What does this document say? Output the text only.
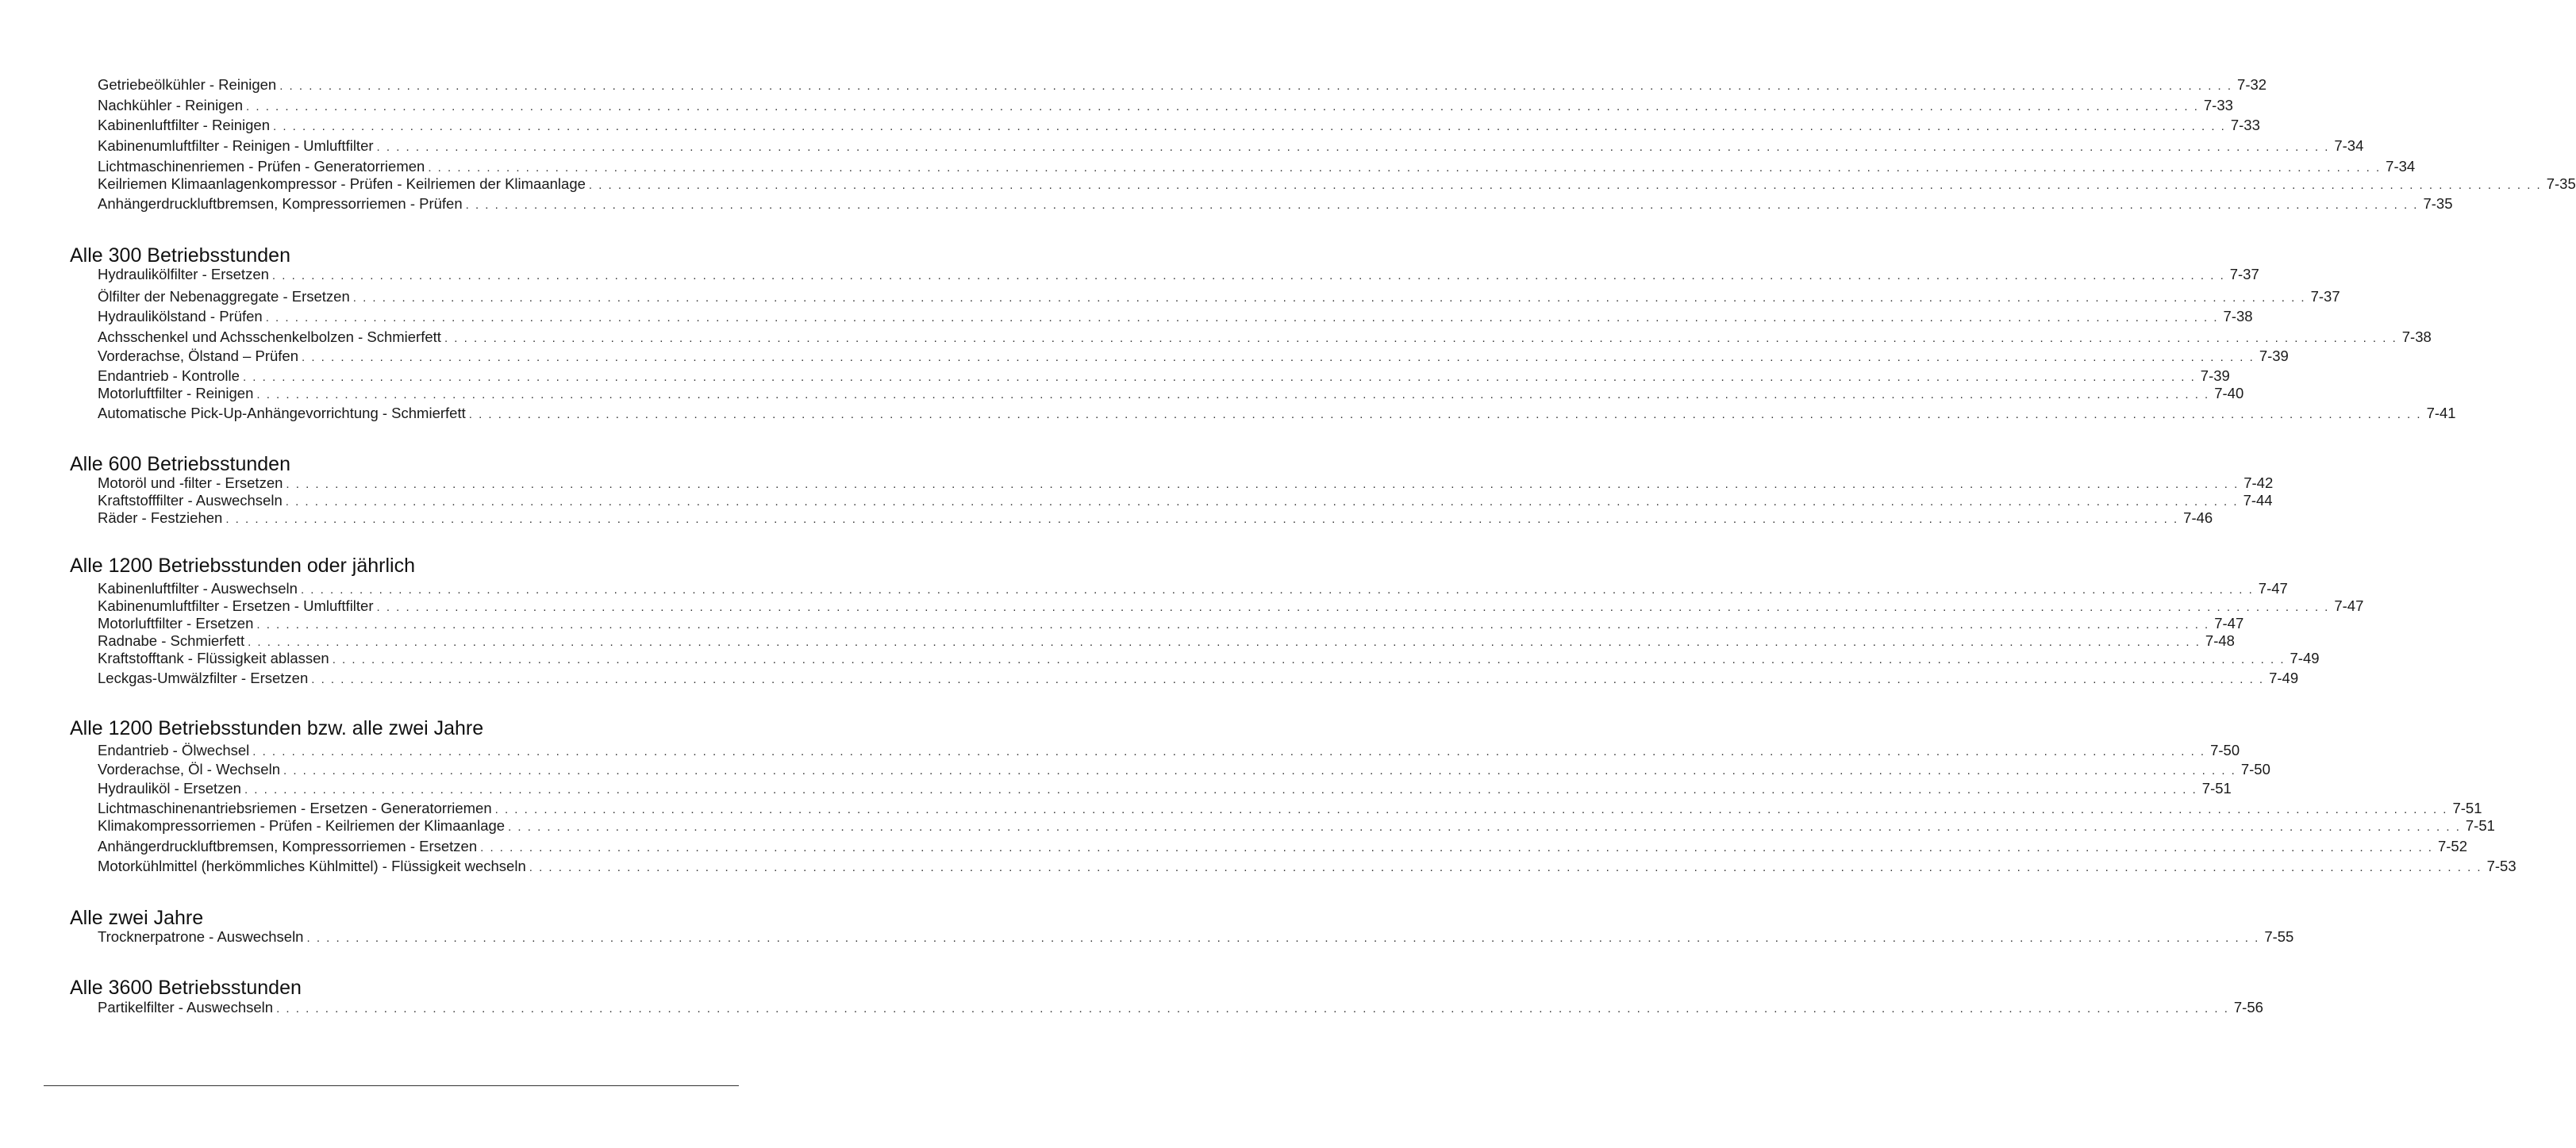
Getriebeölkühler - Reinigen . . . . . . . . . . . . . . . . . . . . . . . . . . . . . . . . . . . . . . . . . . . . . . . . . . . . . . . . . . . . . . . . . . . . . . . . . . . . . . . . . . . . . . . . . . . . . . . . . . . . . . . . . . . . . . . . . . . . . . . . . . . . . . . . . . . . . . . . . . . . . . . . . . . . . . . . . . . . . . . . . . . . . . . . . . . . . . . . . . . . . . . . . . . . . . . . . . . . . . . . 7-32
Nachkühler - Reinigen . . . . . . . . . . . . . . . . . . . . . . . . . . . . . . . . . . . . . . . . . . . . . . . . . . . . . . . . . . . . . . . . . . . . . . . . . . . . . . . . . . . . . . . . . . . . . . . . . . . . . . . . . . . . . . . . . . . . . . . . . . . . . . . . . . . . . . . . . . . . . . . . . . . . . . . . . . . . . . . . . . . . . . . . . . . . . . . . . . . . . . . . . . . . . . . . . . . . . . . . 7-33
Kabinenluftfilter - Reinigen . . . . . . . . . . . . . . . . . . . . . . . . . . . . . . . . . . . . . . . . . . . . . . . . . . . . . . . . . . . . . . . . . . . . . . . . . . . . . . . . . . . . . . . . . . . . . . . . . . . . . . . . . . . . . . . . . . . . . . . . . . . . . . . . . . . . . . . . . . . . . . . . . . . . . . . . . . . . . . . . . . . . . . . . . . . . . . . . . . . . . . . . . . . . . . . . . . . . . . . . 7-33
Kabinenumluftfilter - Reinigen - Umluftfilter . . . . . . . . . . . . . . . . . . . . . . . . . . . . . . . . . . . . . . . . . . . . . . . . . . . . . . . . . . . . . . . . . . . . . . . . . . . . . . . . . . . . . . . . . . . . . . . . . . . . . . . . . . . . . . . . . . . . . . . . . . . . . . . . . . . . . . . . . . . . . . . . . . . . . . . . . . . . . . . . . . . . . . . . . . . . . . . . . . . . . . . . . . . . . . . . . . . . . . . . 7-34
Lichtmaschinenriemen - Prüfen - Generatorriemen . . . . . . . . . . . . . . . . . . . . . . . . . . . . . . . . . . . . . . . . . . . . . . . . . . . . . . . . . . . . . . . . . . . . . . . . . . . . . . . . . . . . . . . . . . . . . . . . . . . . . . . . . . . . . . . . . . . . . . . . . . . . . . . . . . . . . . . . . . . . . . . . . . . . . . . . . . . . . . . . . . . . . . . . . . . . . . . . . . . . . . . . . . . . . . . . . . . . . . . . 7-34
Keilriemen Klimaanlagenkompressor - Prüfen - Keilriemen der Klimaanlage . . . . . . . . . . . . . . . . . . . . . . . . . . . . . . . . . . . . . . . . . . . . . . . . . . . . . . . . . . . . . . . . . . . . . . . . . . . . . . . . . . . . . . . . . . . . . . . . . . . . . . . . . . . . . . . . . . . . . . . . . . . . . . . . . . . . . . . . . . . . . . . . . . . . . . . . . . . . . . . . . . . . . . . . . . . . . . . . . . . . . . . . . . . . . . . . . . . . . . . . 7-35
Anhängerdruckluftbremsen, Kompressorriemen - Prüfen . . . . . . . . . . . . . . . . . . . . . . . . . . . . . . . . . . . . . . . . . . . . . . . . . . . . . . . . . . . . . . . . . . . . . . . . . . . . . . . . . . . . . . . . . . . . . . . . . . . . . . . . . . . . . . . . . . . . . . . . . . . . . . . . . . . . . . . . . . . . . . . . . . . . . . . . . . . . . . . . . . . . . . . . . . . . . . . . . . . . . . . . . . . . . . . . . . . . . . . . 7-35
Alle 300 Betriebsstunden
Hydraulikölfilter - Ersetzen . . . . . . . . . . . . . . . . . . . . . . . . . . . . . . . . . . . . . . . . . . . . . . . . . . . . . . . . . . . . . . . . . . . . . . . . . . . . . . . . . . . . . . . . . . . . . . . . . . . . . . . . . . . . . . . . . . . . . . . . . . . . . . . . . . . . . . . . . . . . . . . . . . . . . . . . . . . . . . . . . . . . . . . . . . . . . . . . . . . . . . . . . . . . . . . . . . . . . . . . 7-37
Ölfilter der Nebenaggregate - Ersetzen . . . . . . . . . . . . . . . . . . . . . . . . . . . . . . . . . . . . . . . . . . . . . . . . . . . . . . . . . . . . . . . . . . . . . . . . . . . . . . . . . . . . . . . . . . . . . . . . . . . . . . . . . . . . . . . . . . . . . . . . . . . . . . . . . . . . . . . . . . . . . . . . . . . . . . . . . . . . . . . . . . . . . . . . . . . . . . . . . . . . . . . . . . . . . . . . . . . . . . . . 7-37
Hydraulikölstand - Prüfen . . . . . . . . . . . . . . . . . . . . . . . . . . . . . . . . . . . . . . . . . . . . . . . . . . . . . . . . . . . . . . . . . . . . . . . . . . . . . . . . . . . . . . . . . . . . . . . . . . . . . . . . . . . . . . . . . . . . . . . . . . . . . . . . . . . . . . . . . . . . . . . . . . . . . . . . . . . . . . . . . . . . . . . . . . . . . . . . . . . . . . . . . . . . . . . . . . . . . . . . 7-38
Achsschenkel und Achsschenkelbolzen - Schmierfett . . . . . . . . . . . . . . . . . . . . . . . . . . . . . . . . . . . . . . . . . . . . . . . . . . . . . . . . . . . . . . . . . . . . . . . . . . . . . . . . . . . . . . . . . . . . . . . . . . . . . . . . . . . . . . . . . . . . . . . . . . . . . . . . . . . . . . . . . . . . . . . . . . . . . . . . . . . . . . . . . . . . . . . . . . . . . . . . . . . . . . . . . . . . . . . . . . . . . . . . 7-38
Vorderachse, Ölstand – Prüfen . . . . . . . . . . . . . . . . . . . . . . . . . . . . . . . . . . . . . . . . . . . . . . . . . . . . . . . . . . . . . . . . . . . . . . . . . . . . . . . . . . . . . . . . . . . . . . . . . . . . . . . . . . . . . . . . . . . . . . . . . . . . . . . . . . . . . . . . . . . . . . . . . . . . . . . . . . . . . . . . . . . . . . . . . . . . . . . . . . . . . . . . . . . . . . . . . . . . . . . . 7-39
Endantrieb - Kontrolle . . . . . . . . . . . . . . . . . . . . . . . . . . . . . . . . . . . . . . . . . . . . . . . . . . . . . . . . . . . . . . . . . . . . . . . . . . . . . . . . . . . . . . . . . . . . . . . . . . . . . . . . . . . . . . . . . . . . . . . . . . . . . . . . . . . . . . . . . . . . . . . . . . . . . . . . . . . . . . . . . . . . . . . . . . . . . . . . . . . . . . . . . . . . . . . . . . . . . . . . 7-39
Motorluftfilter - Reinigen . . . . . . . . . . . . . . . . . . . . . . . . . . . . . . . . . . . . . . . . . . . . . . . . . . . . . . . . . . . . . . . . . . . . . . . . . . . . . . . . . . . . . . . . . . . . . . . . . . . . . . . . . . . . . . . . . . . . . . . . . . . . . . . . . . . . . . . . . . . . . . . . . . . . . . . . . . . . . . . . . . . . . . . . . . . . . . . . . . . . . . . . . . . . . . . . . . . . . . . . 7-40
Automatische Pick-Up-Anhängevorrichtung - Schmierfett . . . . . . . . . . . . . . . . . . . . . . . . . . . . . . . . . . . . . . . . . . . . . . . . . . . . . . . . . . . . . . . . . . . . . . . . . . . . . . . . . . . . . . . . . . . . . . . . . . . . . . . . . . . . . . . . . . . . . . . . . . . . . . . . . . . . . . . . . . . . . . . . . . . . . . . . . . . . . . . . . . . . . . . . . . . . . . . . . . . . . . . . . . . . . . . . . . . . . . . . 7-41
Alle 600 Betriebsstunden
Motoröl und -filter - Ersetzen . . . . . . . . . . . . . . . . . . . . . . . . . . . . . . . . . . . . . . . . . . . . . . . . . . . . . . . . . . . . . . . . . . . . . . . . . . . . . . . . . . . . . . . . . . . . . . . . . . . . . . . . . . . . . . . . . . . . . . . . . . . . . . . . . . . . . . . . . . . . . . . . . . . . . . . . . . . . . . . . . . . . . . . . . . . . . . . . . . . . . . . . . . . . . . . . . . . . . . . . 7-42
Kraftstofffilter - Auswechseln . . . . . . . . . . . . . . . . . . . . . . . . . . . . . . . . . . . . . . . . . . . . . . . . . . . . . . . . . . . . . . . . . . . . . . . . . . . . . . . . . . . . . . . . . . . . . . . . . . . . . . . . . . . . . . . . . . . . . . . . . . . . . . . . . . . . . . . . . . . . . . . . . . . . . . . . . . . . . . . . . . . . . . . . . . . . . . . . . . . . . . . . . . . . . . . . . . . . . . . . 7-44
Räder - Festziehen . . . . . . . . . . . . . . . . . . . . . . . . . . . . . . . . . . . . . . . . . . . . . . . . . . . . . . . . . . . . . . . . . . . . . . . . . . . . . . . . . . . . . . . . . . . . . . . . . . . . . . . . . . . . . . . . . . . . . . . . . . . . . . . . . . . . . . . . . . . . . . . . . . . . . . . . . . . . . . . . . . . . . . . . . . . . . . . . . . . . . . . . . . . . . . . . . . . . . . . . 7-46
Alle 1200 Betriebsstunden oder jährlich
Kabinenluftfilter - Auswechseln . . . . . . . . . . . . . . . . . . . . . . . . . . . . . . . . . . . . . . . . . . . . . . . . . . . . . . . . . . . . . . . . . . . . . . . . . . . . . . . . . . . . . . . . . . . . . . . . . . . . . . . . . . . . . . . . . . . . . . . . . . . . . . . . . . . . . . . . . . . . . . . . . . . . . . . . . . . . . . . . . . . . . . . . . . . . . . . . . . . . . . . . . . . . . . . . . . . . . . . . 7-47
Kabinenumluftfilter - Ersetzen - Umluftfilter . . . . . . . . . . . . . . . . . . . . . . . . . . . . . . . . . . . . . . . . . . . . . . . . . . . . . . . . . . . . . . . . . . . . . . . . . . . . . . . . . . . . . . . . . . . . . . . . . . . . . . . . . . . . . . . . . . . . . . . . . . . . . . . . . . . . . . . . . . . . . . . . . . . . . . . . . . . . . . . . . . . . . . . . . . . . . . . . . . . . . . . . . . . . . . . . . . . . . . . . 7-47
Motorluftfilter - Ersetzen . . . . . . . . . . . . . . . . . . . . . . . . . . . . . . . . . . . . . . . . . . . . . . . . . . . . . . . . . . . . . . . . . . . . . . . . . . . . . . . . . . . . . . . . . . . . . . . . . . . . . . . . . . . . . . . . . . . . . . . . . . . . . . . . . . . . . . . . . . . . . . . . . . . . . . . . . . . . . . . . . . . . . . . . . . . . . . . . . . . . . . . . . . . . . . . . . . . . . . . . 7-47
Radnabe - Schmierfett . . . . . . . . . . . . . . . . . . . . . . . . . . . . . . . . . . . . . . . . . . . . . . . . . . . . . . . . . . . . . . . . . . . . . . . . . . . . . . . . . . . . . . . . . . . . . . . . . . . . . . . . . . . . . . . . . . . . . . . . . . . . . . . . . . . . . . . . . . . . . . . . . . . . . . . . . . . . . . . . . . . . . . . . . . . . . . . . . . . . . . . . . . . . . . . . . . . . . . . . 7-48
Kraftstofftank - Flüssigkeit ablassen . . . . . . . . . . . . . . . . . . . . . . . . . . . . . . . . . . . . . . . . . . . . . . . . . . . . . . . . . . . . . . . . . . . . . . . . . . . . . . . . . . . . . . . . . . . . . . . . . . . . . . . . . . . . . . . . . . . . . . . . . . . . . . . . . . . . . . . . . . . . . . . . . . . . . . . . . . . . . . . . . . . . . . . . . . . . . . . . . . . . . . . . . . . . . . . . . . . . . . . . 7-49
Leckgas-Umwälzfilter - Ersetzen . . . . . . . . . . . . . . . . . . . . . . . . . . . . . . . . . . . . . . . . . . . . . . . . . . . . . . . . . . . . . . . . . . . . . . . . . . . . . . . . . . . . . . . . . . . . . . . . . . . . . . . . . . . . . . . . . . . . . . . . . . . . . . . . . . . . . . . . . . . . . . . . . . . . . . . . . . . . . . . . . . . . . . . . . . . . . . . . . . . . . . . . . . . . . . . . . . . . . . . . 7-49
Alle 1200 Betriebsstunden bzw. alle zwei Jahre
Endantrieb - Ölwechsel . . . . . . . . . . . . . . . . . . . . . . . . . . . . . . . . . . . . . . . . . . . . . . . . . . . . . . . . . . . . . . . . . . . . . . . . . . . . . . . . . . . . . . . . . . . . . . . . . . . . . . . . . . . . . . . . . . . . . . . . . . . . . . . . . . . . . . . . . . . . . . . . . . . . . . . . . . . . . . . . . . . . . . . . . . . . . . . . . . . . . . . . . . . . . . . . . . . . . . . . 7-50
Vorderachse, Öl - Wechseln . . . . . . . . . . . . . . . . . . . . . . . . . . . . . . . . . . . . . . . . . . . . . . . . . . . . . . . . . . . . . . . . . . . . . . . . . . . . . . . . . . . . . . . . . . . . . . . . . . . . . . . . . . . . . . . . . . . . . . . . . . . . . . . . . . . . . . . . . . . . . . . . . . . . . . . . . . . . . . . . . . . . . . . . . . . . . . . . . . . . . . . . . . . . . . . . . . . . . . . . 7-50
Hydrauliköl - Ersetzen . . . . . . . . . . . . . . . . . . . . . . . . . . . . . . . . . . . . . . . . . . . . . . . . . . . . . . . . . . . . . . . . . . . . . . . . . . . . . . . . . . . . . . . . . . . . . . . . . . . . . . . . . . . . . . . . . . . . . . . . . . . . . . . . . . . . . . . . . . . . . . . . . . . . . . . . . . . . . . . . . . . . . . . . . . . . . . . . . . . . . . . . . . . . . . . . . . . . . . . . 7-51
Lichtmaschinenantriebsriemen - Ersetzen - Generatorriemen . . . . . . . . . . . . . . . . . . . . . . . . . . . . . . . . . . . . . . . . . . . . . . . . . . . . . . . . . . . . . . . . . . . . . . . . . . . . . . . . . . . . . . . . . . . . . . . . . . . . . . . . . . . . . . . . . . . . . . . . . . . . . . . . . . . . . . . . . . . . . . . . . . . . . . . . . . . . . . . . . . . . . . . . . . . . . . . . . . . . . . . . . . . . . . . . . . . . . . . . 7-51
Klimakompressorriemen - Prüfen - Keilriemen der Klimaanlage . . . . . . . . . . . . . . . . . . . . . . . . . . . . . . . . . . . . . . . . . . . . . . . . . . . . . . . . . . . . . . . . . . . . . . . . . . . . . . . . . . . . . . . . . . . . . . . . . . . . . . . . . . . . . . . . . . . . . . . . . . . . . . . . . . . . . . . . . . . . . . . . . . . . . . . . . . . . . . . . . . . . . . . . . . . . . . . . . . . . . . . . . . . . . . . . . . . . . . . . 7-51
Anhängerdruckluftbremsen, Kompressorriemen - Ersetzen . . . . . . . . . . . . . . . . . . . . . . . . . . . . . . . . . . . . . . . . . . . . . . . . . . . . . . . . . . . . . . . . . . . . . . . . . . . . . . . . . . . . . . . . . . . . . . . . . . . . . . . . . . . . . . . . . . . . . . . . . . . . . . . . . . . . . . . . . . . . . . . . . . . . . . . . . . . . . . . . . . . . . . . . . . . . . . . . . . . . . . . . . . . . . . . . . . . . . . . . 7-52
Motorkühlmittel (herkömmliches Kühlmittel) - Flüssigkeit wechseln . . . . . . . . . . . . . . . . . . . . . . . . . . . . . . . . . . . . . . . . . . . . . . . . . . . . . . . . . . . . . . . . . . . . . . . . . . . . . . . . . . . . . . . . . . . . . . . . . . . . . . . . . . . . . . . . . . . . . . . . . . . . . . . . . . . . . . . . . . . . . . . . . . . . . . . . . . . . . . . . . . . . . . . . . . . . . . . . . . . . . . . . . . . . . . . . . . . . . . . . 7-53
Alle zwei Jahre
Trocknerpatrone - Auswechseln . . . . . . . . . . . . . . . . . . . . . . . . . . . . . . . . . . . . . . . . . . . . . . . . . . . . . . . . . . . . . . . . . . . . . . . . . . . . . . . . . . . . . . . . . . . . . . . . . . . . . . . . . . . . . . . . . . . . . . . . . . . . . . . . . . . . . . . . . . . . . . . . . . . . . . . . . . . . . . . . . . . . . . . . . . . . . . . . . . . . . . . . . . . . . . . . . . . . . . . . 7-55
Alle 3600 Betriebsstunden
Partikelfilter - Auswechseln . . . . . . . . . . . . . . . . . . . . . . . . . . . . . . . . . . . . . . . . . . . . . . . . . . . . . . . . . . . . . . . . . . . . . . . . . . . . . . . . . . . . . . . . . . . . . . . . . . . . . . . . . . . . . . . . . . . . . . . . . . . . . . . . . . . . . . . . . . . . . . . . . . . . . . . . . . . . . . . . . . . . . . . . . . . . . . . . . . . . . . . . . . . . . . . . . . . . . . . . 7-56
